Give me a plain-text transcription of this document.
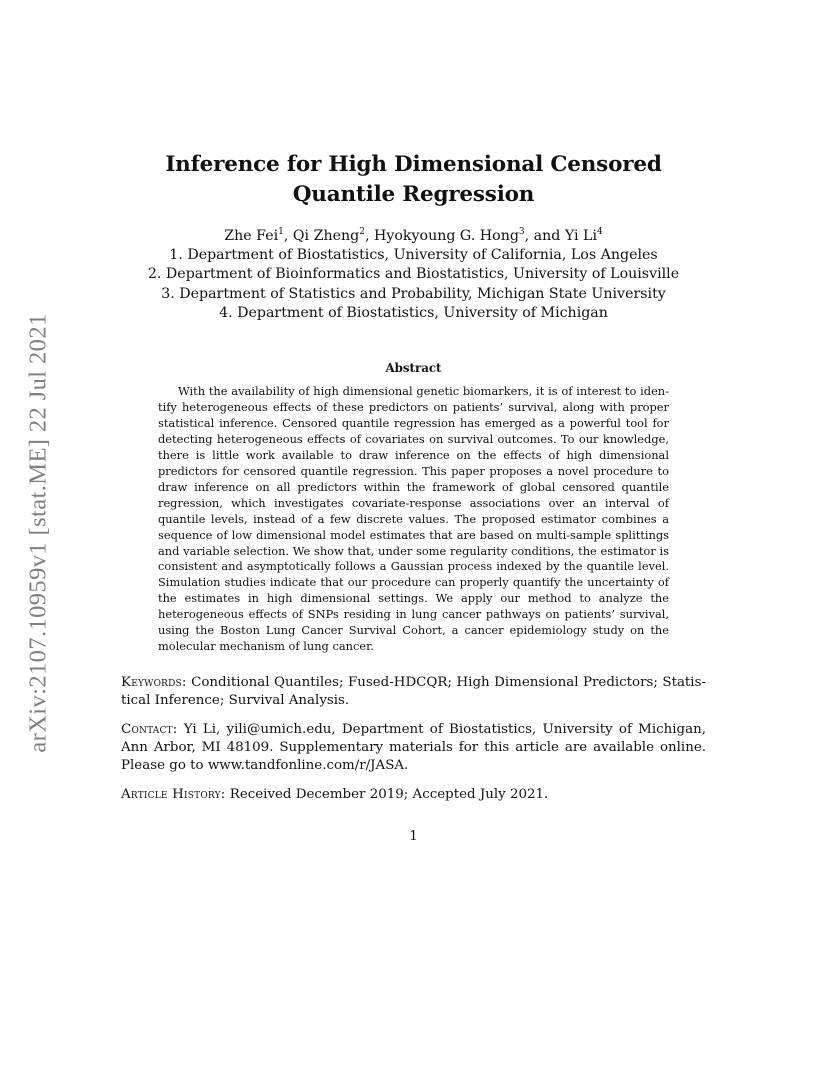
arXiv:2107.10959v1 [stat.ME] 22 Jul 2021
Inference for High Dimensional Censored Quantile Regression
Zhe Fei$^1$, Qi Zheng$^2$, Hyokyoung G. Hong$^3$, and Yi Li$^4$
1. Department of Biostatistics, University of California, Los Angeles
2. Department of Bioinformatics and Biostatistics, University of Louisville
3. Department of Statistics and Probability, Michigan State University
4. Department of Biostatistics, University of Michigan
Abstract
With the availability of high dimensional genetic biomarkers, it is of interest to identify heterogeneous effects of these predictors on patients’ survival, along with proper statistical inference. Censored quantile regression has emerged as a powerful tool for detecting heterogeneous effects of covariates on survival outcomes. To our knowledge, there is little work available to draw inference on the effects of high dimensional predictors for censored quantile regression. This paper proposes a novel procedure to draw inference on all predictors within the framework of global censored quantile regression, which investigates covariate-response associations over an interval of quantile levels, instead of a few discrete values. The proposed estimator combines a sequence of low dimensional model estimates that are based on multi-sample splittings and variable selection. We show that, under some regularity conditions, the estimator is consistent and asymptotically follows a Gaussian process indexed by the quantile level. Simulation studies indicate that our procedure can properly quantify the uncertainty of the estimates in high dimensional settings. We apply our method to analyze the heterogeneous effects of SNPs residing in lung cancer pathways on patients’ survival, using the Boston Lung Cancer Survival Cohort, a cancer epidemiology study on the molecular mechanism of lung cancer.
Keywords: Conditional Quantiles; Fused-HDCQR; High Dimensional Predictors; Statistical Inference; Survival Analysis.
Contact: Yi Li, yili@umich.edu, Department of Biostatistics, University of Michigan, Ann Arbor, MI 48109. Supplementary materials for this article are available online. Please go to www.tandfonline.com/r/JASA.
Article History: Received December 2019; Accepted July 2021.
1
